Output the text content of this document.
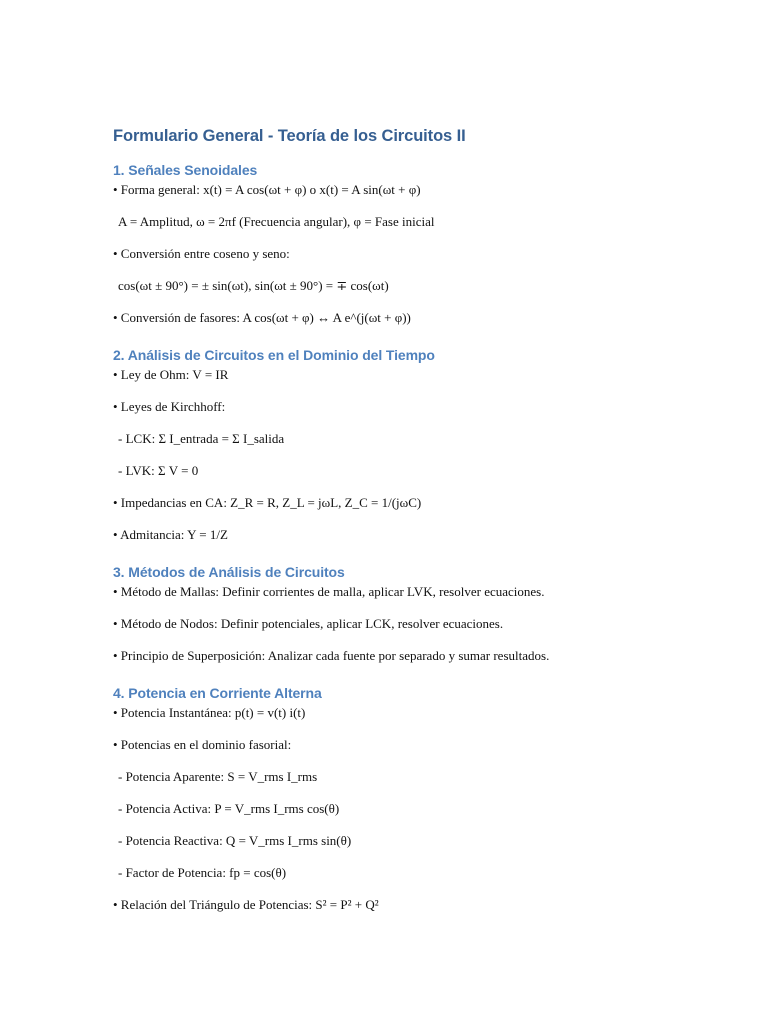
Formulario General - Teoría de los Circuitos II
1. Señales Senoidales
• Forma general: x(t) = A cos(ωt + φ) o x(t) = A sin(ωt + φ)
A = Amplitud, ω = 2πf (Frecuencia angular), φ = Fase inicial
• Conversión entre coseno y seno:
cos(ωt ± 90°) = ± sin(ωt), sin(ωt ± 90°) = ∓ cos(ωt)
• Conversión de fasores: A cos(ωt + φ) ↔ A e^(j(ωt + φ))
2. Análisis de Circuitos en el Dominio del Tiempo
• Ley de Ohm: V = IR
• Leyes de Kirchhoff:
- LCK: Σ I_entrada = Σ I_salida
- LVK: Σ V = 0
• Impedancias en CA: Z_R = R, Z_L = jωL, Z_C = 1/(jωC)
• Admitancia: Y = 1/Z
3. Métodos de Análisis de Circuitos
• Método de Mallas: Definir corrientes de malla, aplicar LVK, resolver ecuaciones.
• Método de Nodos: Definir potenciales, aplicar LCK, resolver ecuaciones.
• Principio de Superposición: Analizar cada fuente por separado y sumar resultados.
4. Potencia en Corriente Alterna
• Potencia Instantánea: p(t) = v(t) i(t)
• Potencias en el dominio fasorial:
- Potencia Aparente: S = V_rms I_rms
- Potencia Activa: P = V_rms I_rms cos(θ)
- Potencia Reactiva: Q = V_rms I_rms sin(θ)
- Factor de Potencia: fp = cos(θ)
• Relación del Triángulo de Potencias: S² = P² + Q²
